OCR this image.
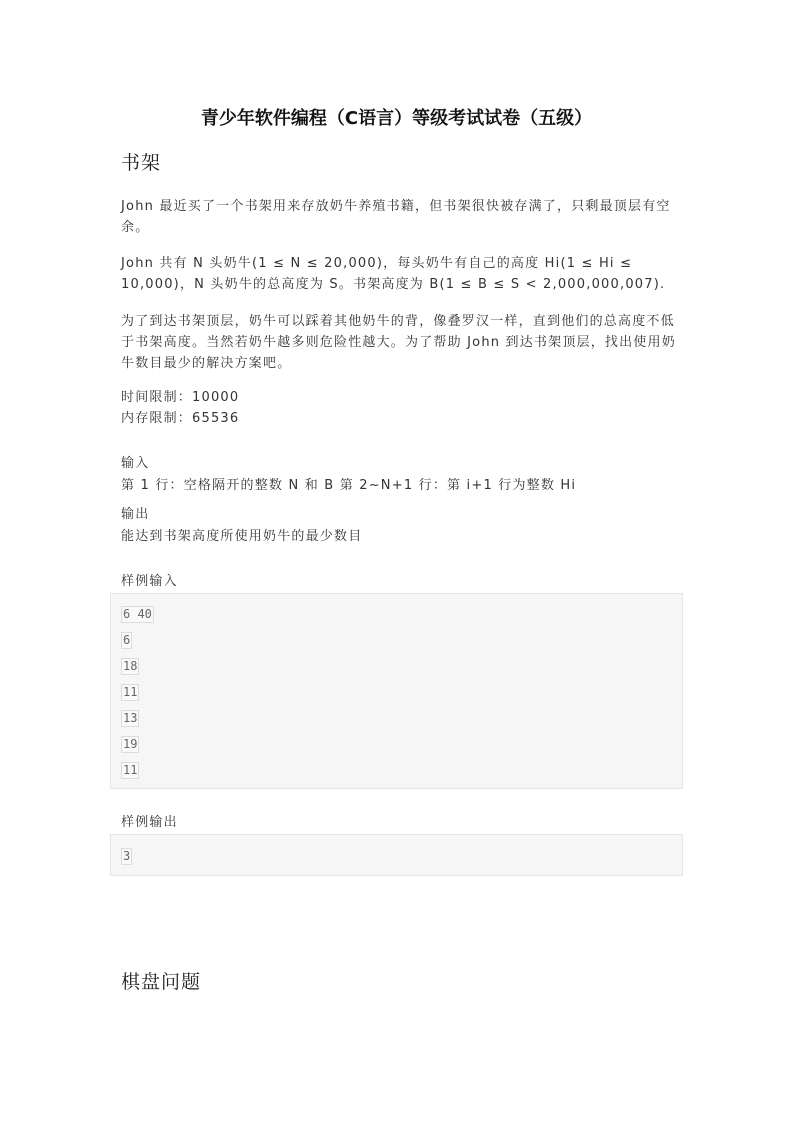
青少年软件编程（C语言）等级考试试卷（五级）
书架

John 最近买了一个书架用来存放奶牛养殖书籍，但书架很快被存满了，只剩最顶层有空余。

John 共有 N 头奶牛(1 ≤ N ≤ 20,000)，每头奶牛有自己的高度 Hi(1 ≤ Hi ≤ 10,000)，N 头奶牛的总高度为 S。书架高度为 B(1 ≤ B ≤ S < 2,000,000,007).

为了到达书架顶层，奶牛可以踩着其他奶牛的背，像叠罗汉一样，直到他们的总高度不低于书架高度。当然若奶牛越多则危险性越大。为了帮助 John 到达书架顶层，找出使用奶牛数目最少的解决方案吧。

时间限制：10000

内存限制：65536

输入

第 1 行：空格隔开的整数 N 和 B 第 2~N+1 行：第 i+1 行为整数 Hi

输出

能达到书架高度所使用奶牛的最少数目

样例输入

6 40
6
18
11
13
19
11

样例输出

3
棋盘问题
